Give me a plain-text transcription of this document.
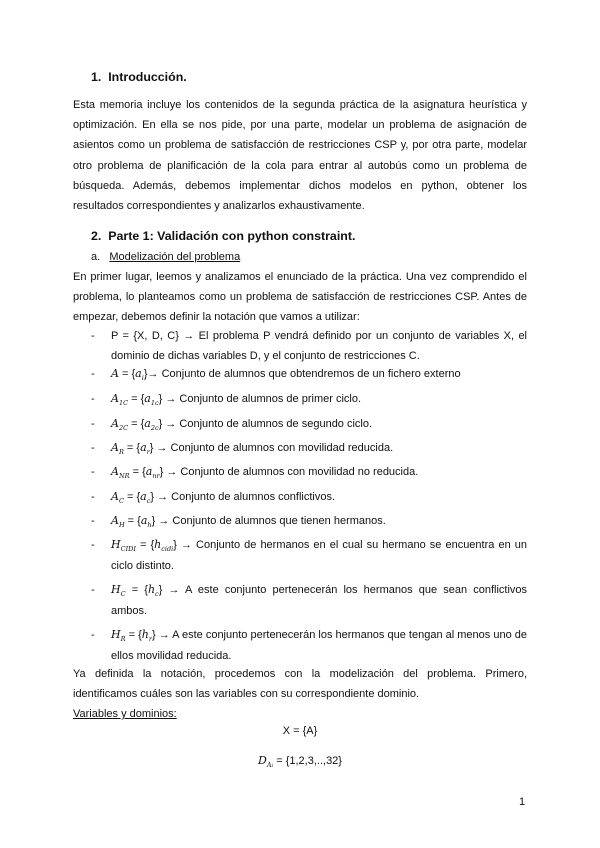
1. Introducción.

Esta memoria incluye los contenidos de la segunda práctica de la asignatura heurística y optimización. En ella se nos pide, por una parte, modelar un problema de asignación de asientos como un problema de satisfacción de restricciones CSP y, por otra parte, modelar otro problema de planificación de la cola para entrar al autobús como un problema de búsqueda. Además, debemos implementar dichos modelos en python, obtener los resultados correspondientes y analizarlos exhaustivamente.

2. Parte 1: Validación con python constraint.
a. Modelización del problema

En primer lugar, leemos y analizamos el enunciado de la práctica. Una vez comprendido el problema, lo planteamos como un problema de satisfacción de restricciones CSP. Antes de empezar, debemos definir la notación que vamos a utilizar:

- P = {X, D, C} → El problema P vendrá definido por un conjunto de variables X, el dominio de dichas variables D, y el conjunto de restricciones C.
- $A = \{a_i\}\to$ Conjunto de alumnos que obtendremos de un fichero externo
- $A_{1C} = \{a_{1c}\}$ → Conjunto de alumnos de primer ciclo.
- $A_{2C} = \{a_{2c}\}$ → Conjunto de alumnos de segundo ciclo.
- $A_R = \{a_r\}$ → Conjunto de alumnos con movilidad reducida.
- $A_{NR} = \{a_{nr}\}$ → Conjunto de alumnos con movilidad no reducida.
- $A_C = \{a_c\}$ → Conjunto de alumnos conflictivos.
- $A_H = \{a_h\}$ → Conjunto de alumnos que tienen hermanos.
- $H_{CIDI} = \{h_{cidi}\}$ → Conjunto de hermanos en el cual su hermano se encuentra en un ciclo distinto.
- $H_C = \{h_c\} \to A$ este conjunto pertenecerán los hermanos que sean conflictivos ambos.
- $H_R = \{h_r\} \to A$ este conjunto pertenecerán los hermanos que tengan al menos uno de ellos movilidad reducida.

Ya definida la notación, procedemos con la modelización del problema. Primero, identificamos cuáles son las variables con su correspondiente dominio.

Variables y dominios:
X = {A}
$D_{Ai} = \{1,2,3,..,32\}$
1
